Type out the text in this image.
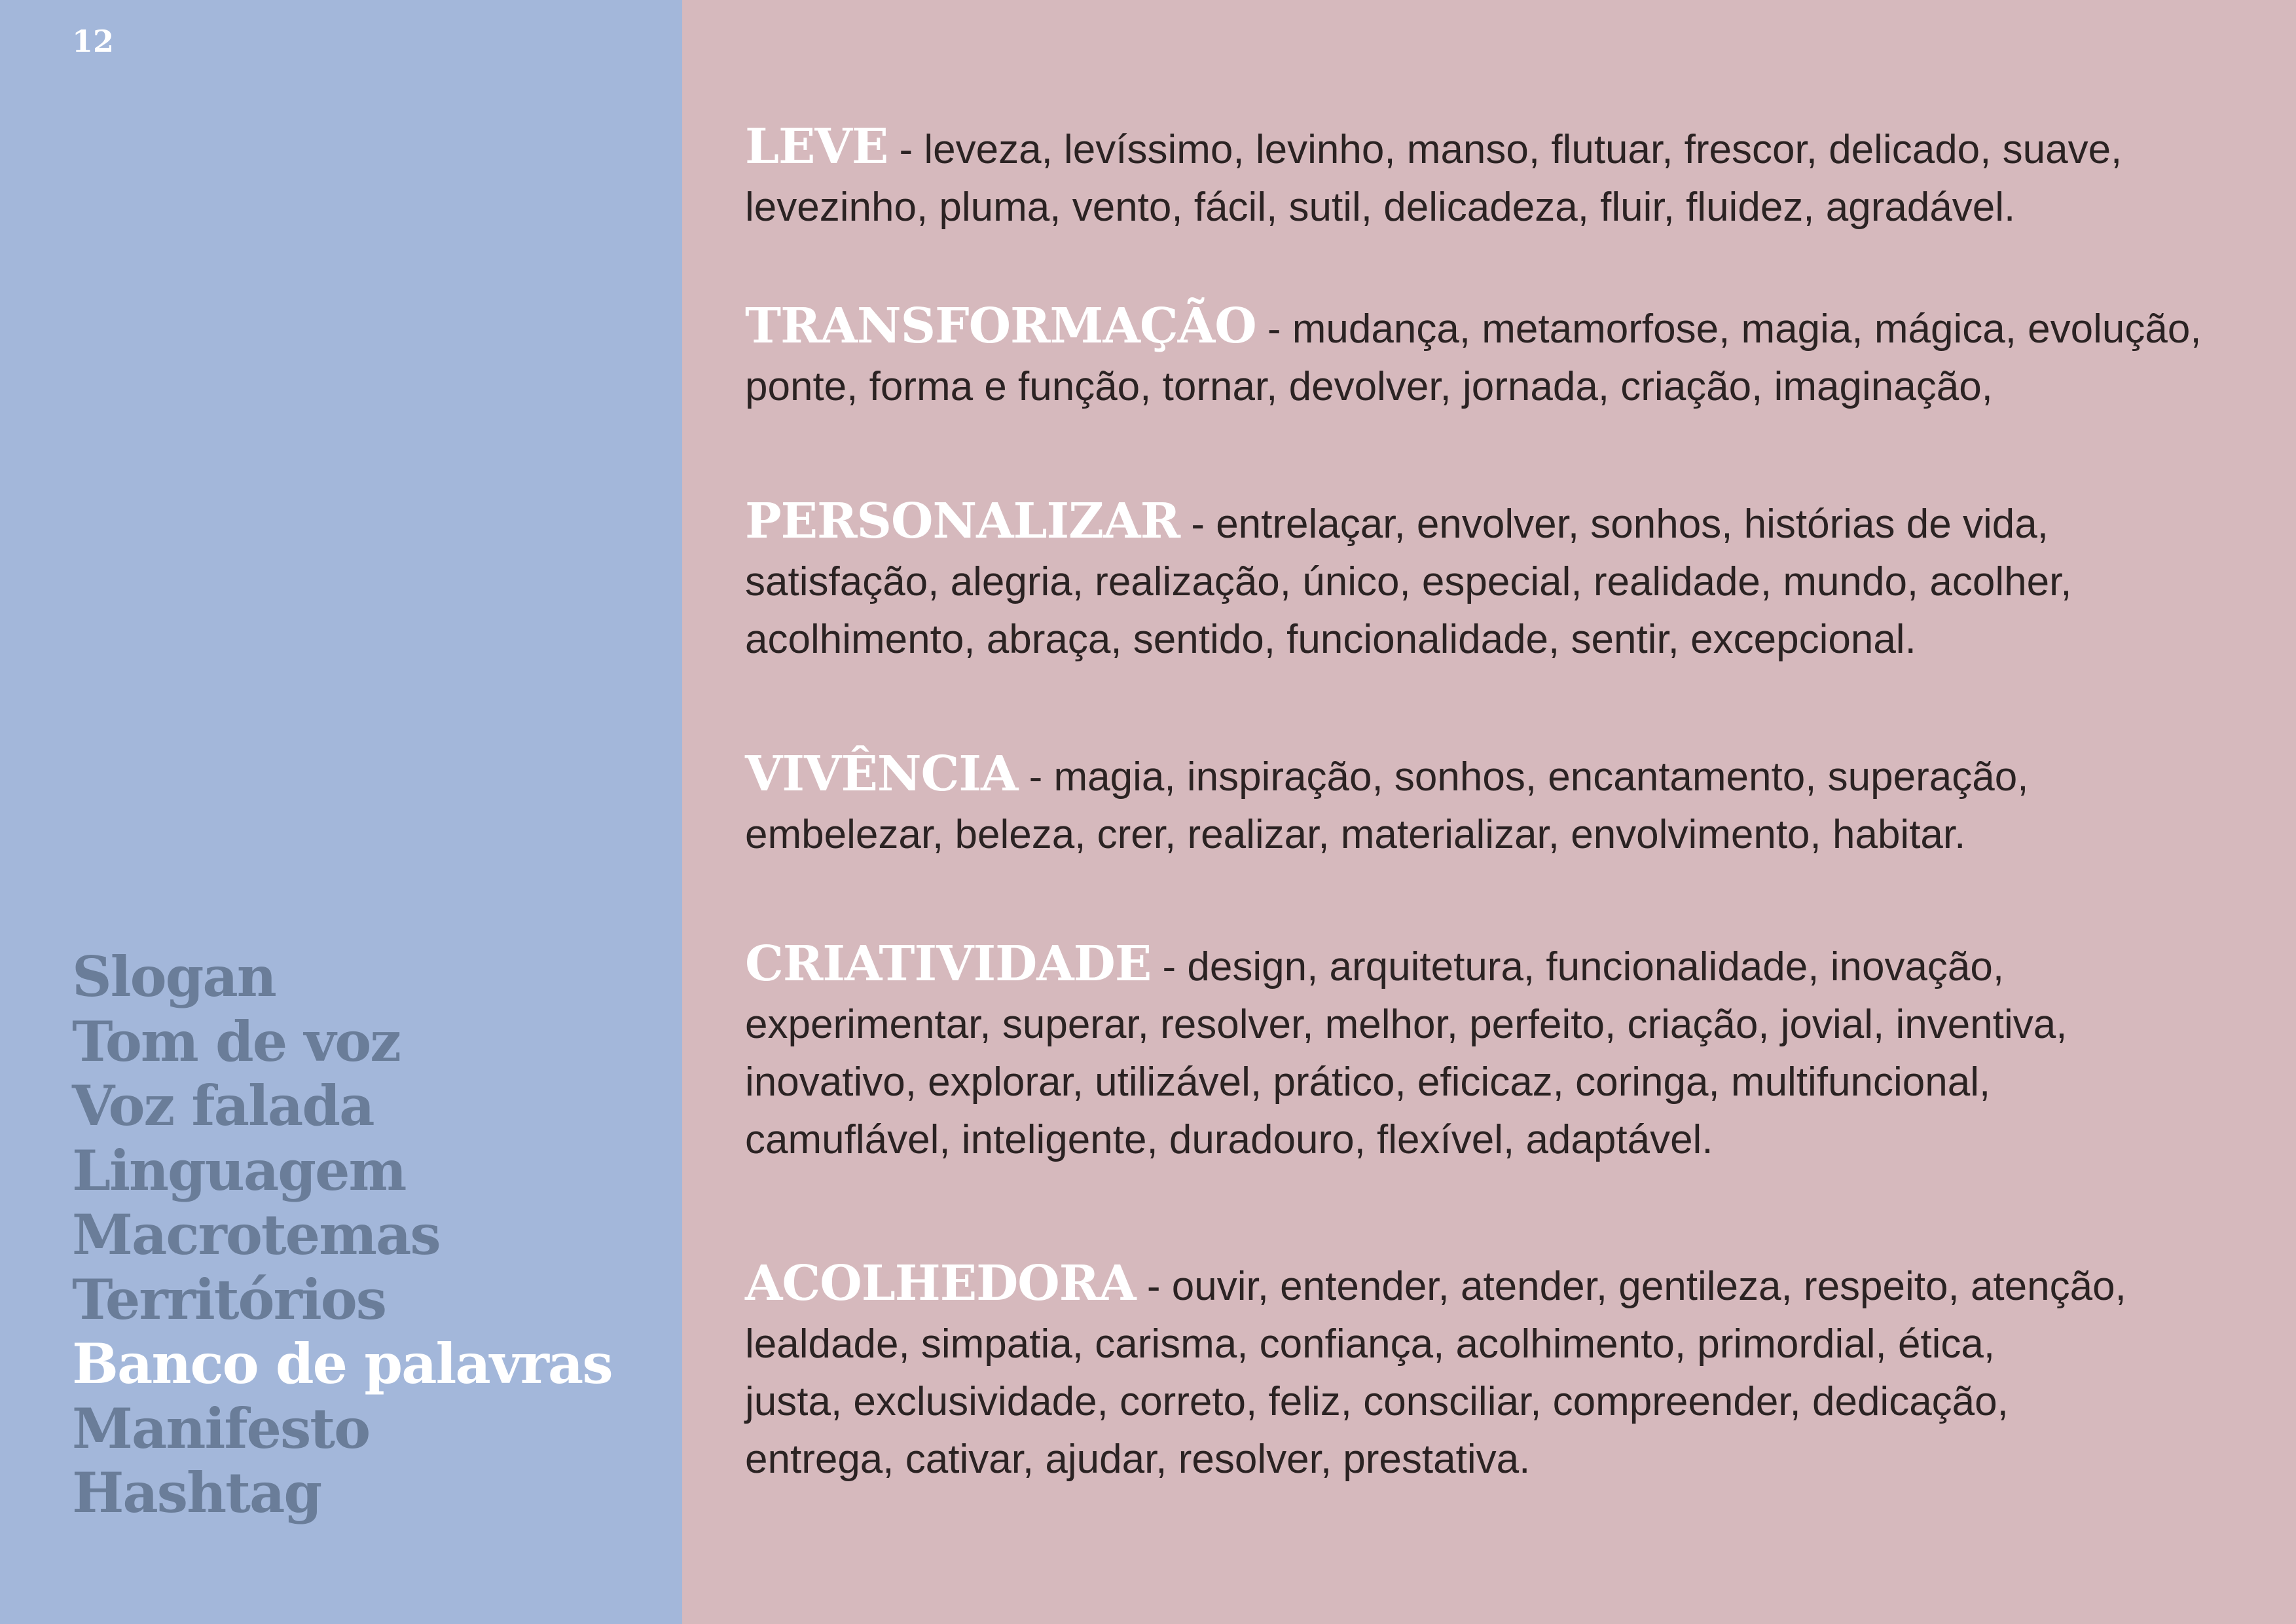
12
Slogan
Tom de voz
Voz falada
Linguagem
Macrotemas
Territórios
Banco de palavras
Manifesto
Hashtag
LEVE - leveza, levíssimo, levinho, manso, flutuar, frescor, delicado, suave,
levezinho, pluma, vento, fácil, sutil, delicadeza, fluir, fluidez, agradável.
TRANSFORMAÇÃO - mudança, metamorfose, magia, mágica, evolução,
ponte, forma e função, tornar, devolver, jornada, criação, imaginação,
PERSONALIZAR - entrelaçar, envolver, sonhos, histórias de vida,
satisfação, alegria, realização, único, especial, realidade, mundo, acolher,
acolhimento, abraça, sentido, funcionalidade, sentir, excepcional.
VIVÊNCIA - magia, inspiração, sonhos, encantamento, superação,
embelezar, beleza, crer, realizar, materializar, envolvimento, habitar.
CRIATIVIDADE - design, arquitetura, funcionalidade, inovação,
experimentar, superar, resolver, melhor, perfeito, criação, jovial, inventiva,
inovativo, explorar, utilizável, prático, eficicaz, coringa, multifuncional,
camuflável, inteligente, duradouro, flexível, adaptável.
ACOLHEDORA - ouvir, entender, atender, gentileza, respeito, atenção,
lealdade, simpatia, carisma, confiança, acolhimento, primordial, ética,
justa, exclusividade, correto, feliz, consciliar, compreender, dedicação,
entrega, cativar, ajudar, resolver, prestativa.
